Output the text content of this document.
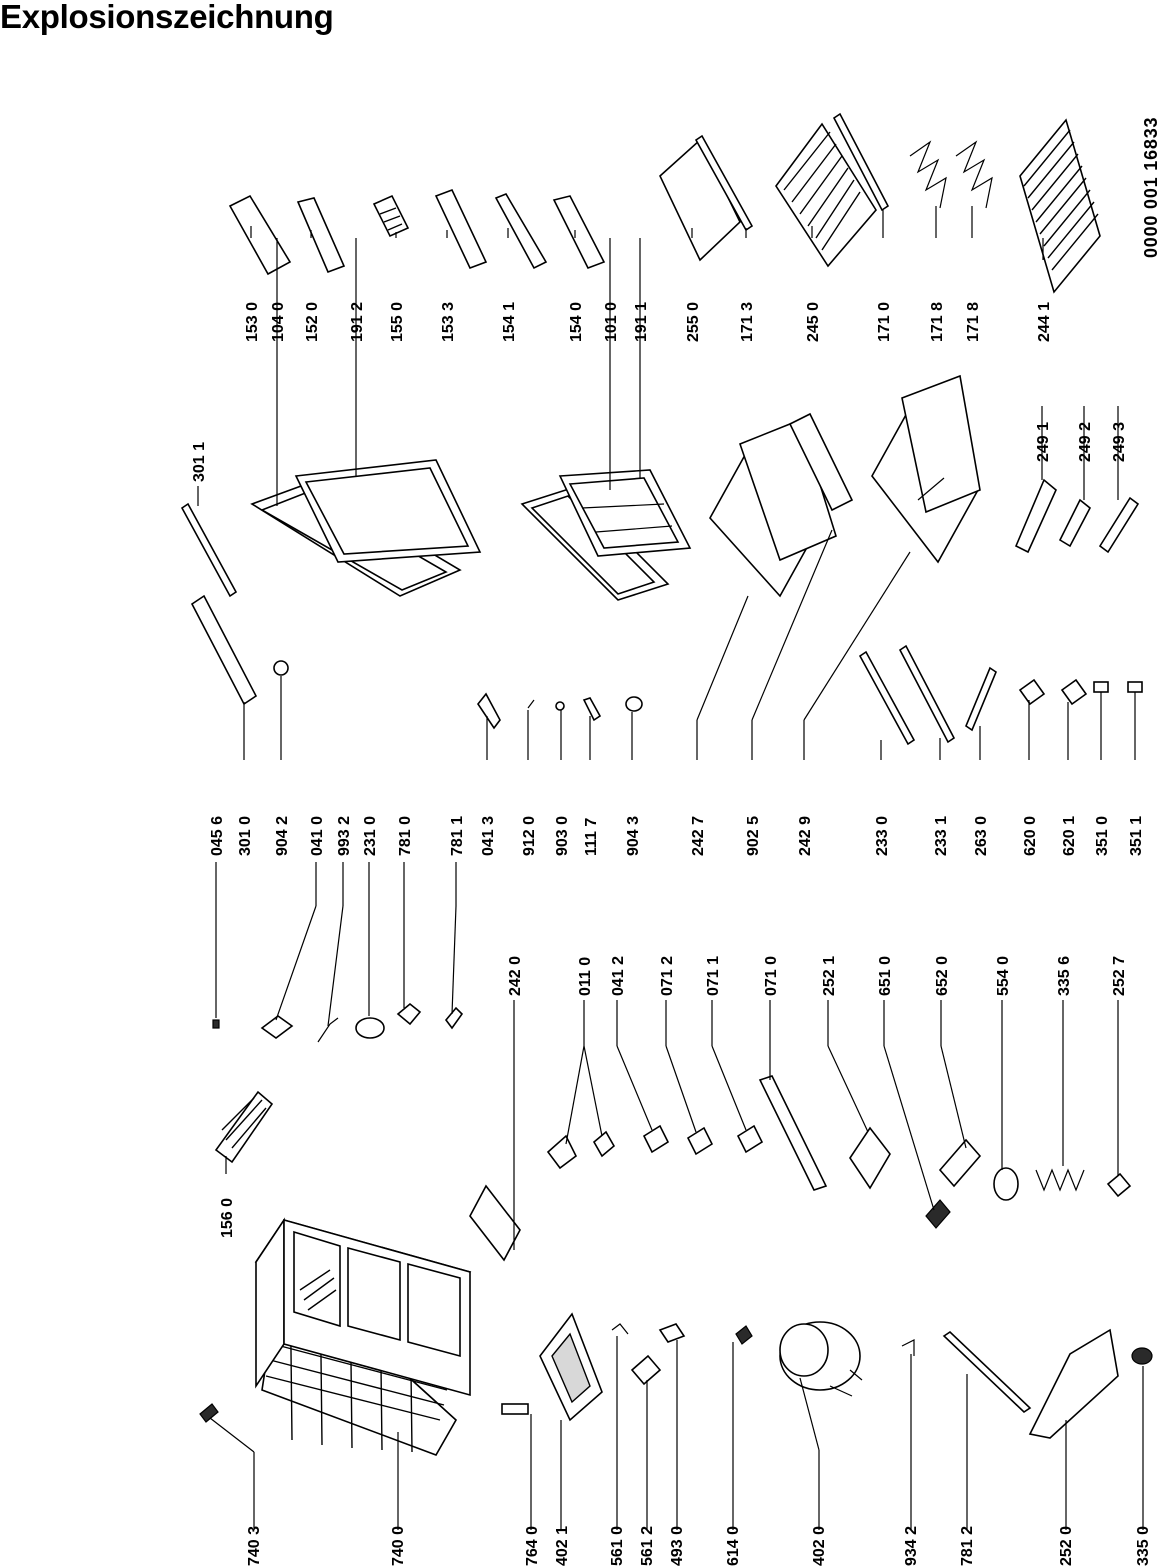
Explosionszeichnung
0000 001 16833
740 3	740 0	764 0 402 1 561 0 561 2 493 0 614 0	402 0	934 2 781 2	252 0	335 0
156 0
242 0	011 0 041 2 071 2 071 1	071 0	252 1 651 0	652 0	554 0	335 6 252 7
045 6 301 0 904 2 041 0 993 2 231 0 781 0 781 1 041 3 912 0 903 0 111 7 904 3
301 1
242 7 902 5 242 9	233 0	233 1 263 0 620 0 620 1 351 0 351 1
249 1 249 2 249 3
153 0 104 0 152 0 191 2 155 0 153 3	154 1	154 0 101 0 191 1 255 0 171 3	245 0	171 0 171 8 171 8	244 1
